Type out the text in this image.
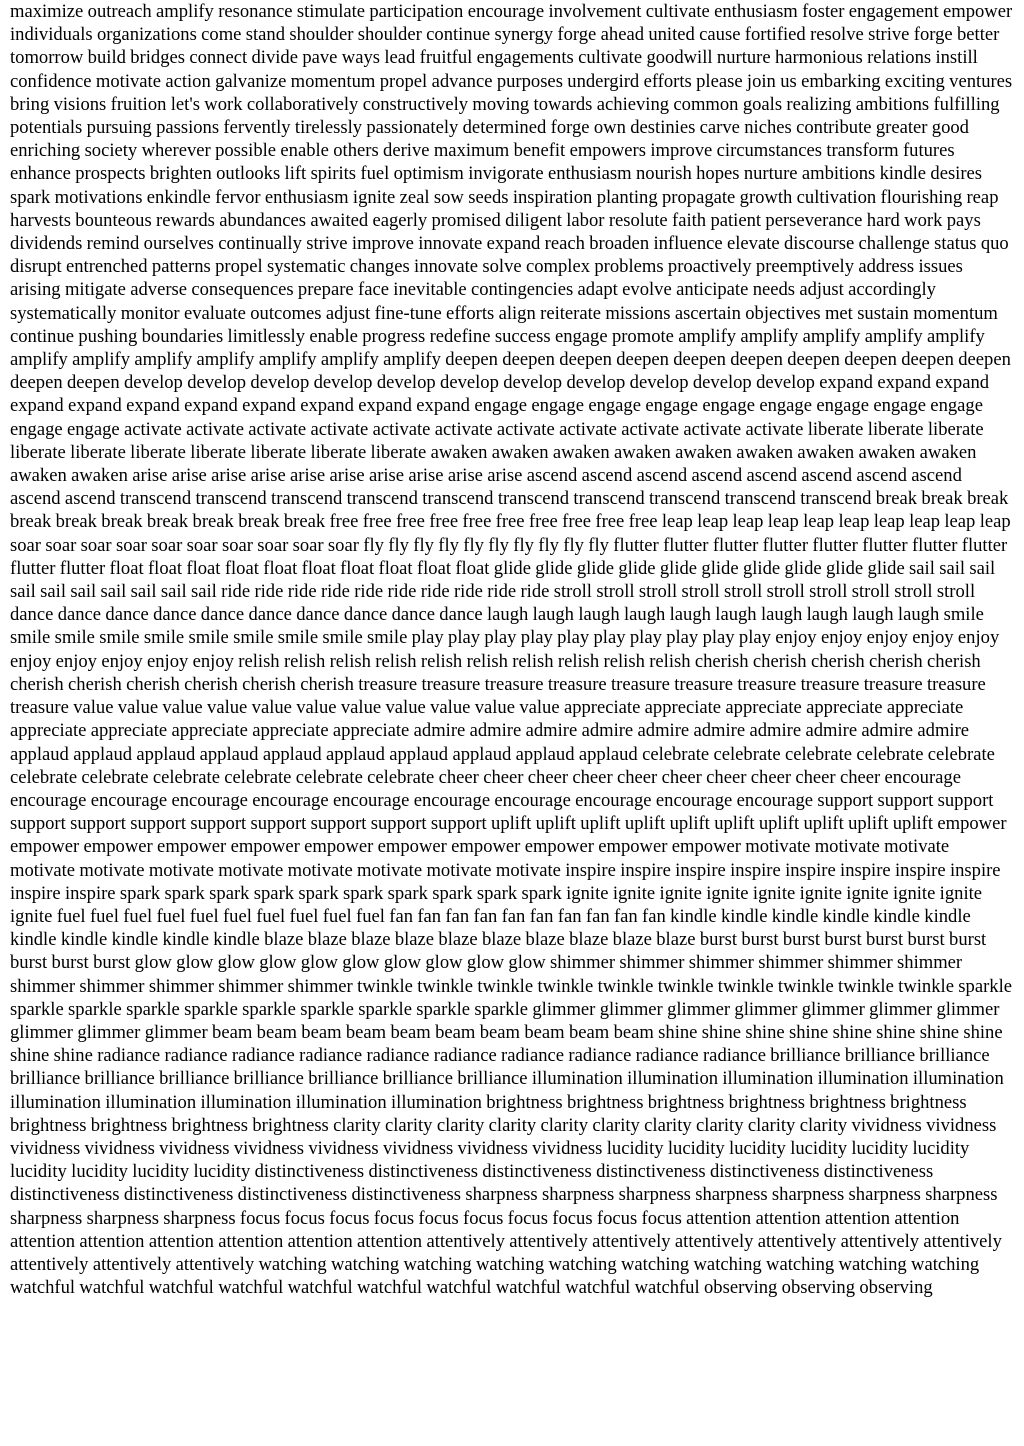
maximize outreach amplify resonance stimulate participation encourage involvement cultivate enthusiasm foster engagement empower individuals organizations come stand shoulder shoulder continue synergy forge ahead united cause fortified resolve strive forge better tomorrow build bridges connect divide pave ways lead fruitful engagements cultivate goodwill nurture harmonious relations instill confidence motivate action galvanize momentum propel advance purposes undergird efforts please join us embarking exciting ventures bring visions fruition let's work collaboratively constructively moving towards achieving common goals realizing ambitions fulfilling potentials pursuing passions fervently tirelessly passionately determined forge own destinies carve niches contribute greater good enriching society wherever possible enable others derive maximum benefit empowers improve circumstances transform futures enhance prospects brighten outlooks lift spirits fuel optimism invigorate enthusiasm nourish hopes nurture ambitions kindle desires spark motivations enkindle fervor enthusiasm ignite zeal sow seeds inspiration planting propagate growth cultivation flourishing reap harvests bounteous rewards abundances awaited eagerly promised diligent labor resolute faith patient perseverance hard work pays dividends remind ourselves continually strive improve innovate expand reach broaden influence elevate discourse challenge status quo disrupt entrenched patterns propel systematic changes innovate solve complex problems proactively preemptively address issues arising mitigate adverse consequences prepare face inevitable contingencies adapt evolve anticipate needs adjust accordingly systematically monitor evaluate outcomes adjust fine-tune efforts align reiterate missions ascertain objectives met sustain momentum continue pushing boundaries limitlessly enable progress redefine success engage promote amplify amplify amplify amplify amplify amplify amplify amplify amplify amplify amplify amplify deepen deepen deepen deepen deepen deepen deepen deepen deepen deepen deepen deepen develop develop develop develop develop develop develop develop develop develop develop expand expand expand expand expand expand expand expand expand expand expand engage engage engage engage engage engage engage engage engage engage engage activate activate activate activate activate activate activate activate activate activate activate liberate liberate liberate liberate liberate liberate liberate liberate liberate liberate awaken awaken awaken awaken awaken awaken awaken awaken awaken awaken awaken arise arise arise arise arise arise arise arise arise arise ascend ascend ascend ascend ascend ascend ascend ascend ascend ascend transcend transcend transcend transcend transcend transcend transcend transcend transcend transcend break break break break break break break break break break free free free free free free free free free free leap leap leap leap leap leap leap leap leap leap soar soar soar soar soar soar soar soar soar soar fly fly fly fly fly fly fly fly fly fly flutter flutter flutter flutter flutter flutter flutter flutter flutter flutter float float float float float float float float float float glide glide glide glide glide glide glide glide glide glide sail sail sail sail sail sail sail sail sail sail ride ride ride ride ride ride ride ride ride ride stroll stroll stroll stroll stroll stroll stroll stroll stroll stroll dance dance dance dance dance dance dance dance dance dance laugh laugh laugh laugh laugh laugh laugh laugh laugh laugh smile smile smile smile smile smile smile smile smile smile play play play play play play play play play play enjoy enjoy enjoy enjoy enjoy enjoy enjoy enjoy enjoy enjoy relish relish relish relish relish relish relish relish relish relish cherish cherish cherish cherish cherish cherish cherish cherish cherish cherish cherish treasure treasure treasure treasure treasure treasure treasure treasure treasure treasure treasure value value value value value value value value value value value appreciate appreciate appreciate appreciate appreciate appreciate appreciate appreciate appreciate appreciate admire admire admire admire admire admire admire admire admire admire applaud applaud applaud applaud applaud applaud applaud applaud applaud applaud celebrate celebrate celebrate celebrate celebrate celebrate celebrate celebrate celebrate celebrate celebrate cheer cheer cheer cheer cheer cheer cheer cheer cheer cheer encourage encourage encourage encourage encourage encourage encourage encourage encourage encourage encourage support support support support support support support support support support support uplift uplift uplift uplift uplift uplift uplift uplift uplift uplift empower empower empower empower empower empower empower empower empower empower empower motivate motivate motivate motivate motivate motivate motivate motivate motivate motivate motivate inspire inspire inspire inspire inspire inspire inspire inspire inspire inspire spark spark spark spark spark spark spark spark spark spark ignite ignite ignite ignite ignite ignite ignite ignite ignite ignite fuel fuel fuel fuel fuel fuel fuel fuel fuel fuel fan fan fan fan fan fan fan fan fan fan kindle kindle kindle kindle kindle kindle kindle kindle kindle kindle kindle blaze blaze blaze blaze blaze blaze blaze blaze blaze blaze burst burst burst burst burst burst burst burst burst burst glow glow glow glow glow glow glow glow glow glow shimmer shimmer shimmer shimmer shimmer shimmer shimmer shimmer shimmer shimmer shimmer twinkle twinkle twinkle twinkle twinkle twinkle twinkle twinkle twinkle twinkle sparkle sparkle sparkle sparkle sparkle sparkle sparkle sparkle sparkle sparkle glimmer glimmer glimmer glimmer glimmer glimmer glimmer glimmer glimmer glimmer beam beam beam beam beam beam beam beam beam beam shine shine shine shine shine shine shine shine shine shine radiance radiance radiance radiance radiance radiance radiance radiance radiance radiance brilliance brilliance brilliance brilliance brilliance brilliance brilliance brilliance brilliance brilliance illumination illumination illumination illumination illumination illumination illumination illumination illumination illumination brightness brightness brightness brightness brightness brightness brightness brightness brightness brightness clarity clarity clarity clarity clarity clarity clarity clarity clarity clarity vividness vividness vividness vividness vividness vividness vividness vividness vividness vividness lucidity lucidity lucidity lucidity lucidity lucidity lucidity lucidity lucidity lucidity distinctiveness distinctiveness distinctiveness distinctiveness distinctiveness distinctiveness distinctiveness distinctiveness distinctiveness distinctiveness sharpness sharpness sharpness sharpness sharpness sharpness sharpness sharpness sharpness sharpness focus focus focus focus focus focus focus focus focus focus attention attention attention attention attention attention attention attention attention attention attentively attentively attentively attentively attentively attentively attentively attentively attentively attentively watching watching watching watching watching watching watching watching watching watching watchful watchful watchful watchful watchful watchful watchful watchful watchful watchful observing observing observing
